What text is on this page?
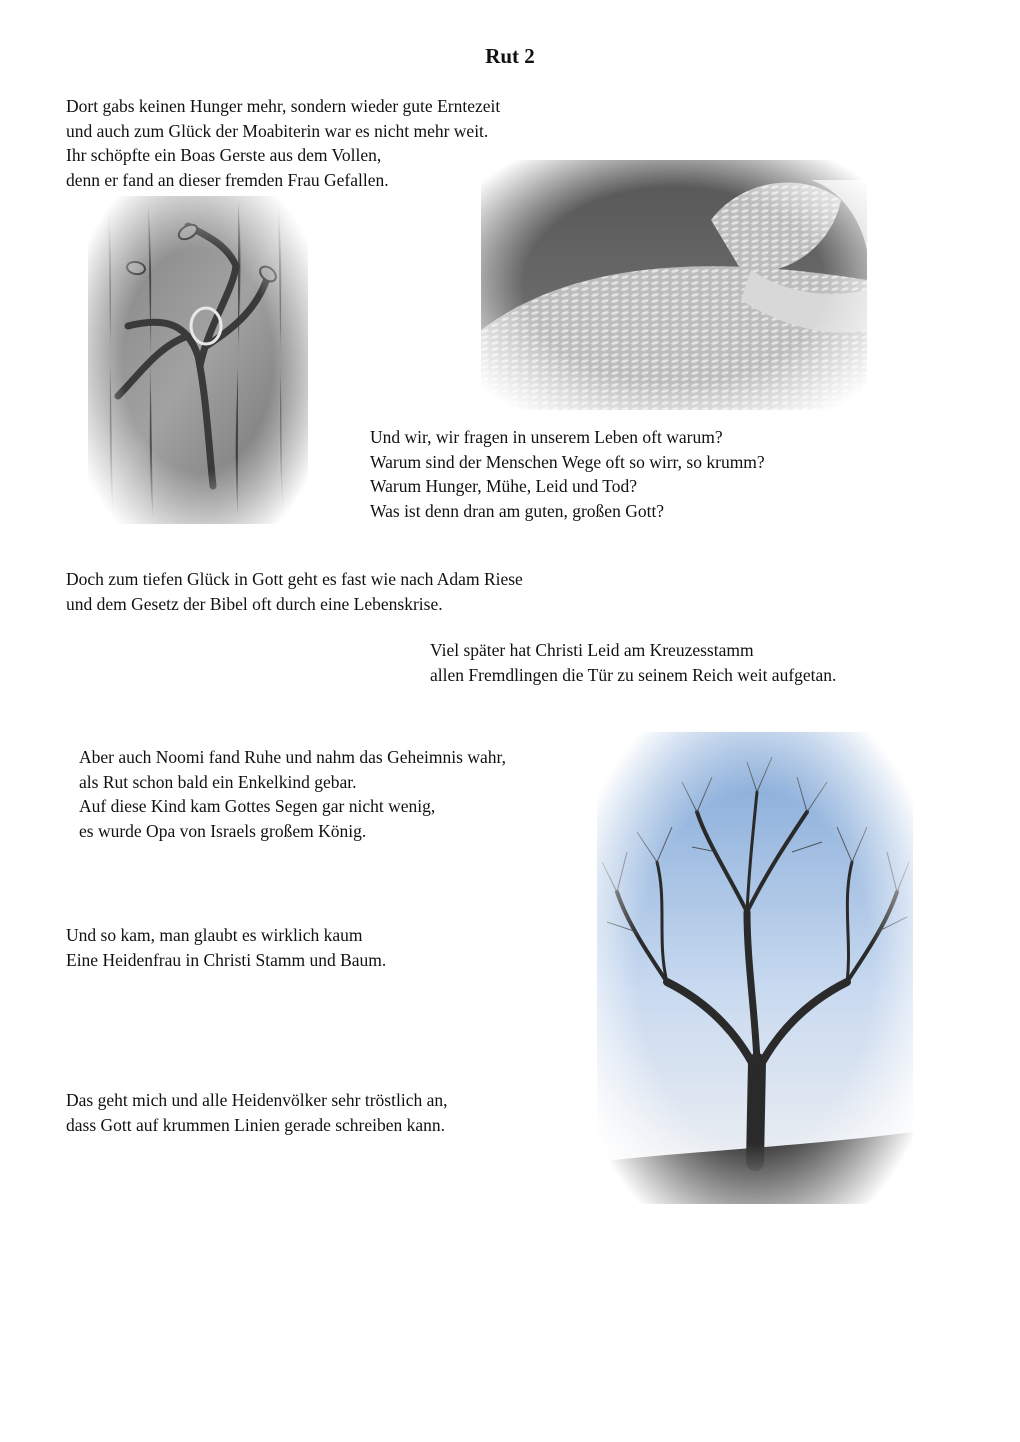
Rut 2
Dort gabs keinen Hunger mehr, sondern wieder gute Erntezeit
und auch zum Glück der Moabiterin war es nicht mehr weit.
Ihr schöpfte ein Boas Gerste aus dem Vollen,
denn er fand an dieser fremden Frau Gefallen.
Und wir, wir fragen in unserem Leben oft warum?
Warum sind der Menschen Wege oft so wirr, so krumm?
Warum Hunger, Mühe, Leid und Tod?
Was ist denn dran am guten, großen Gott?
Doch zum tiefen Glück in Gott geht es fast wie nach Adam Riese
und dem Gesetz der Bibel oft durch eine Lebenskrise.
Viel später hat Christi Leid am Kreuzesstamm
allen Fremdlingen die Tür zu seinem Reich weit aufgetan.
Aber auch Noomi fand Ruhe und nahm das Geheimnis wahr,
als Rut schon bald ein Enkelkind gebar.
Auf diese Kind kam Gottes Segen gar nicht wenig,
es wurde Opa von Israels großem König.
Und so kam, man glaubt es wirklich kaum
Eine Heidenfrau in Christi Stamm und Baum.
Das geht mich und alle Heidenvölker sehr tröstlich an,
dass Gott auf krummen Linien gerade schreiben kann.
